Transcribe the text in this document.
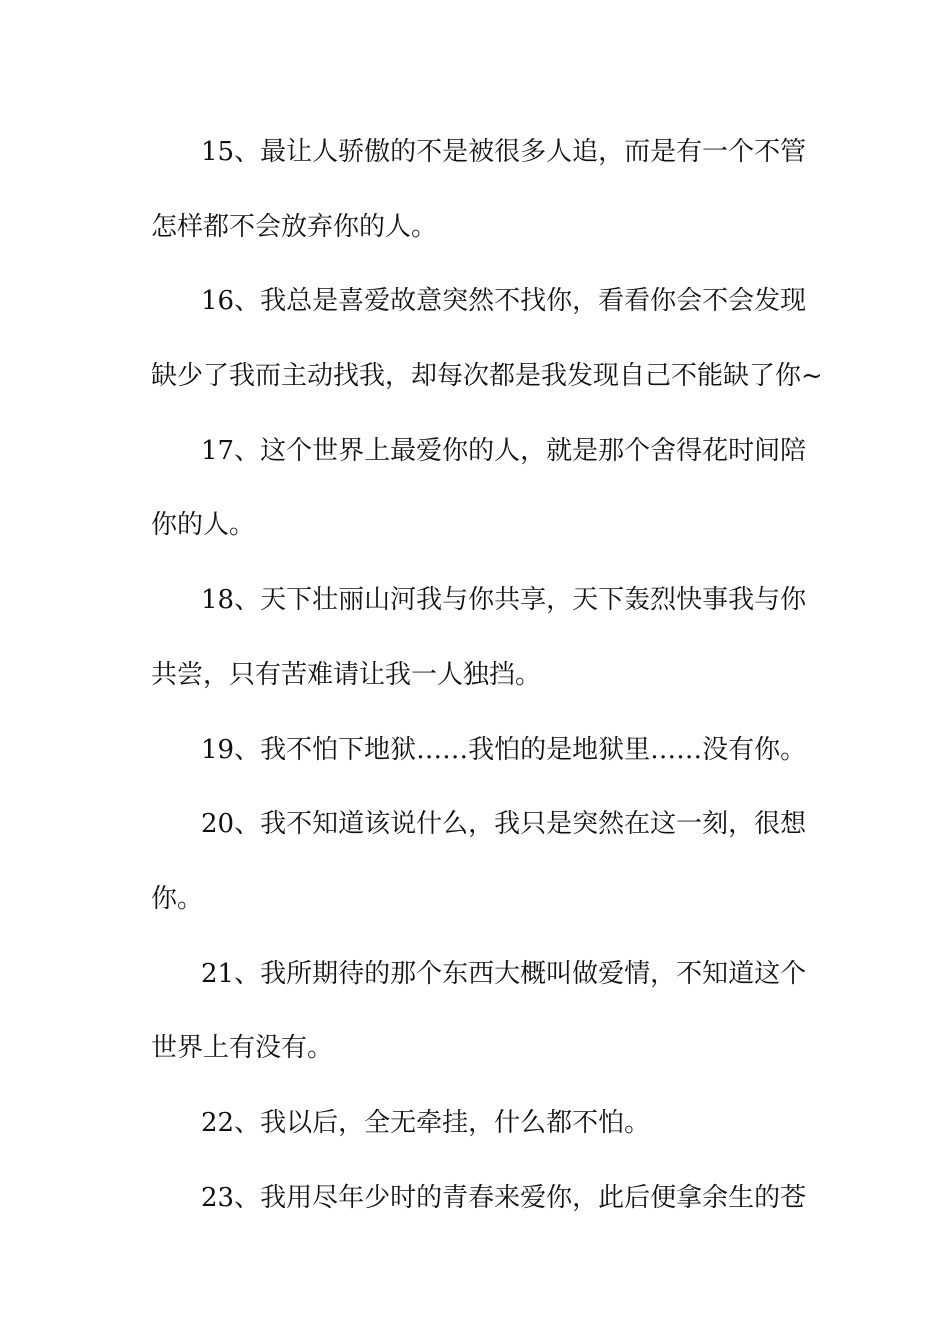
15、最让人骄傲的不是被很多人追，而是有一个不管
怎样都不会放弃你的人。
16、我总是喜爱故意突然不找你，看看你会不会发现
缺少了我而主动找我，却每次都是我发现自己不能缺了你~
17、这个世界上最爱你的人，就是那个舍得花时间陪
你的人。
18、天下壮丽山河我与你共享，天下轰烈快事我与你
共尝，只有苦难请让我一人独挡。
19、我不怕下地狱……我怕的是地狱里……没有你。
20、我不知道该说什么，我只是突然在这一刻，很想
你。
21、我所期待的那个东西大概叫做爱情，不知道这个
世界上有没有。
22、我以后，全无牵挂，什么都不怕。
23、我用尽年少时的青春来爱你，此后便拿余生的苍
